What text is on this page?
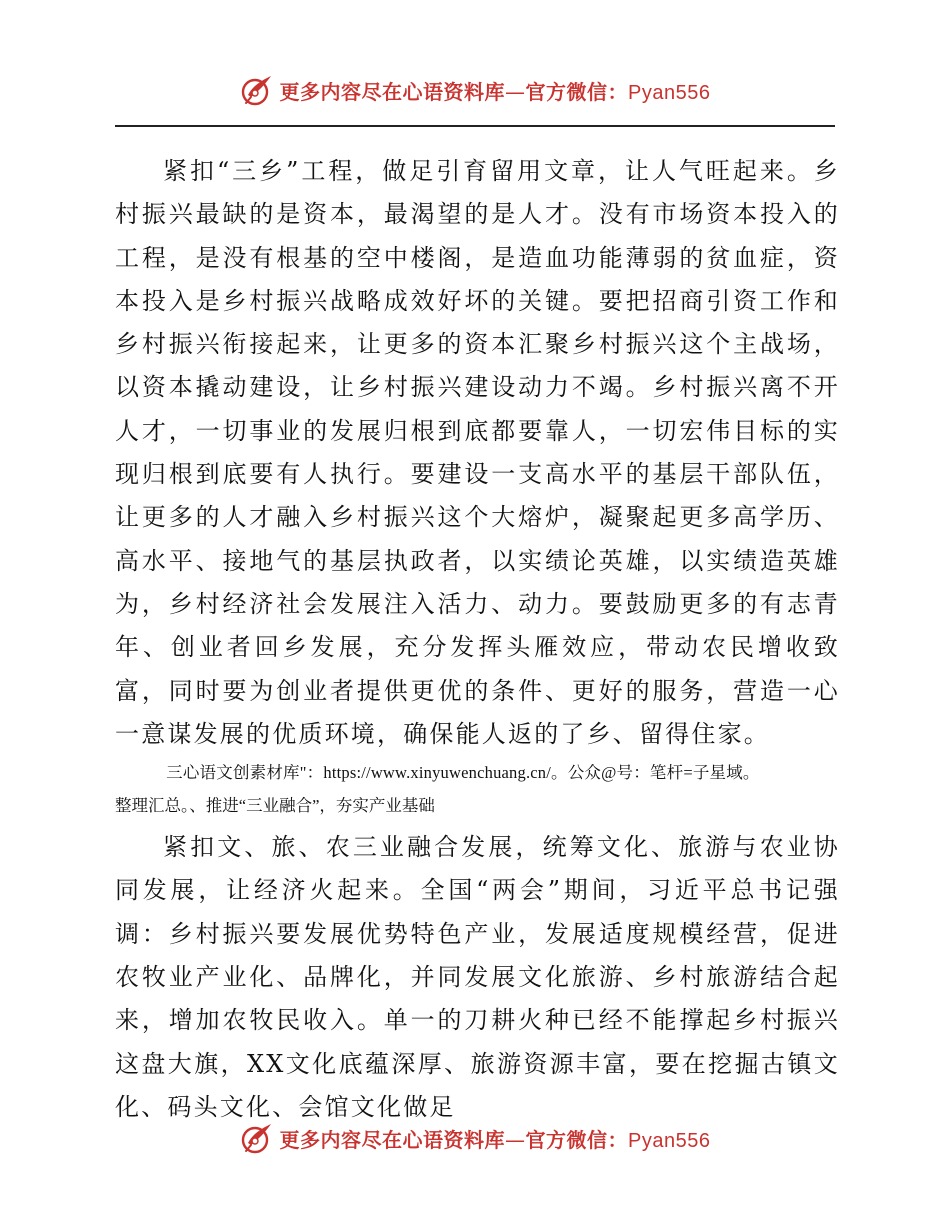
更多内容尽在心语资料库—官方微信：Pyan556

紧扣“三乡”工程，做足引育留用文章，让人气旺起来。乡村振兴最缺的是资本，最渴望的是人才。没有市场资本投入的工程，是没有根基的空中楼阁，是造血功能薄弱的贫血症，资本投入是乡村振兴战略成效好坏的关键。要把招商引资工作和乡村振兴衔接起来，让更多的资本汇聚乡村振兴这个主战场，以资本撬动建设，让乡村振兴建设动力不竭。乡村振兴离不开人才，一切事业的发展归根到底都要靠人，一切宏伟目标的实现归根到底要有人执行。要建设一支高水平的基层干部队伍，让更多的人才融入乡村振兴这个大熔炉，凝聚起更多高学历、高水平、接地气的基层执政者，以实绩论英雄，以实绩造英雄为，乡村经济社会发展注入活力、动力。要鼓励更多的有志青年、创业者回乡发展，充分发挥头雁效应，带动农民增收致富，同时要为创业者提供更优的条件、更好的服务，营造一心一意谋发展的优质环境，确保能人返的了乡、留得住家。

三心语文创素材库"：https://www.xinyuwenchuang.cn/。公众@号：笔杆=子星域。

整理汇总。、推进“三业融合”，夯实产业基础

紧扣文、旅、农三业融合发展，统筹文化、旅游与农业协同发展，让经济火起来。全国“两会”期间，习近平总书记强调：乡村振兴要发展优势特色产业，发展适度规模经营，促进农牧业产业化、品牌化，并同发展文化旅游、乡村旅游结合起来，增加农牧民收入。单一的刀耕火种已经不能撑起乡村振兴这盘大旗，XX文化底蕴深厚、旅游资源丰富，要在挖掘古镇文化、码头文化、会馆文化做足

更多内容尽在心语资料库—官方微信：Pyan556
